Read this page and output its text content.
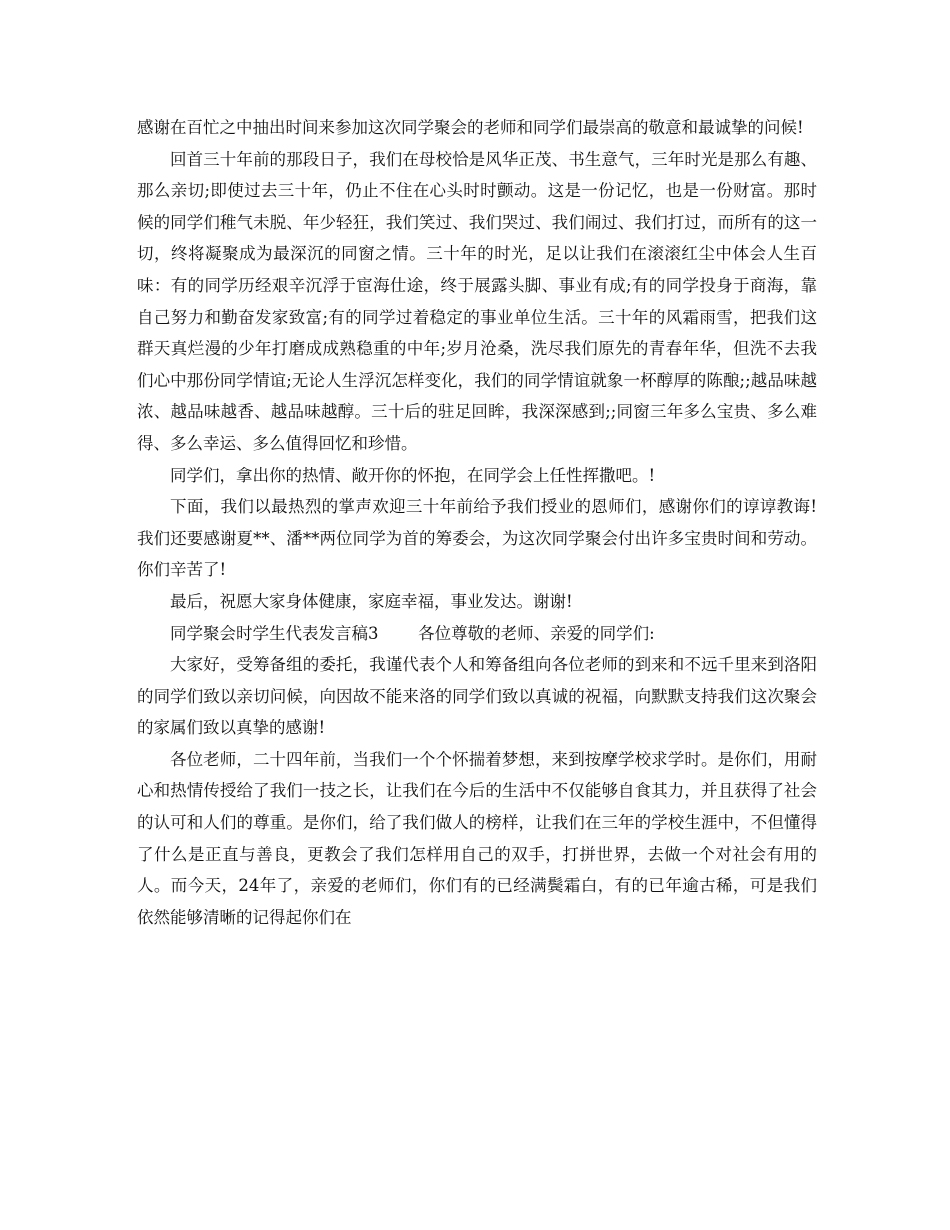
感谢在百忙之中抽出时间来参加这次同学聚会的老师和同学们最崇高的敬意和最诚挚的问候!

回首三十年前的那段日子，我们在母校恰是风华正茂、书生意气，三年时光是那么有趣、那么亲切;即使过去三十年，仍止不住在心头时时颤动。这是一份记忆，也是一份财富。那时候的同学们稚气未脱、年少轻狂，我们笑过、我们哭过、我们闹过、我们打过，而所有的这一切，终将凝聚成为最深沉的同窗之情。三十年的时光，足以让我们在滚滚红尘中体会人生百味：有的同学历经艰辛沉浮于宦海仕途，终于展露头脚、事业有成;有的同学投身于商海，靠自己努力和勤奋发家致富;有的同学过着稳定的事业单位生活。三十年的风霜雨雪，把我们这群天真烂漫的少年打磨成成熟稳重的中年;岁月沧桑，洗尽我们原先的青春年华，但洗不去我们心中那份同学情谊;无论人生浮沉怎样变化，我们的同学情谊就象一杯醇厚的陈酿;;越品味越浓、越品味越香、越品味越醇。三十后的驻足回眸，我深深感到;;同窗三年多么宝贵、多么难得、多么幸运、多么值得回忆和珍惜。

同学们，拿出你的热情、敞开你的怀抱，在同学会上任性挥撒吧。!

下面，我们以最热烈的掌声欢迎三十年前给予我们授业的恩师们，感谢你们的谆谆教诲!我们还要感谢夏**、潘**两位同学为首的筹委会，为这次同学聚会付出许多宝贵时间和劳动。你们辛苦了!

最后，祝愿大家身体健康，家庭幸福，事业发达。谢谢!

同学聚会时学生代表发言稿3 各位尊敬的老师、亲爱的同学们:

大家好，受筹备组的委托，我谨代表个人和筹备组向各位老师的到来和不远千里来到洛阳的同学们致以亲切问候，向因故不能来洛的同学们致以真诚的祝福，向默默支持我们这次聚会的家属们致以真挚的感谢!

各位老师，二十四年前，当我们一个个怀揣着梦想，来到按摩学校求学时。是你们，用耐心和热情传授给了我们一技之长，让我们在今后的生活中不仅能够自食其力，并且获得了社会的认可和人们的尊重。是你们，给了我们做人的榜样，让我们在三年的学校生涯中，不但懂得了什么是正直与善良，更教会了我们怎样用自己的双手，打拼世界，去做一个对社会有用的人。而今天，24年了，亲爱的老师们，你们有的已经满鬓霜白，有的已年逾古稀，可是我们依然能够清晰的记得起你们在
